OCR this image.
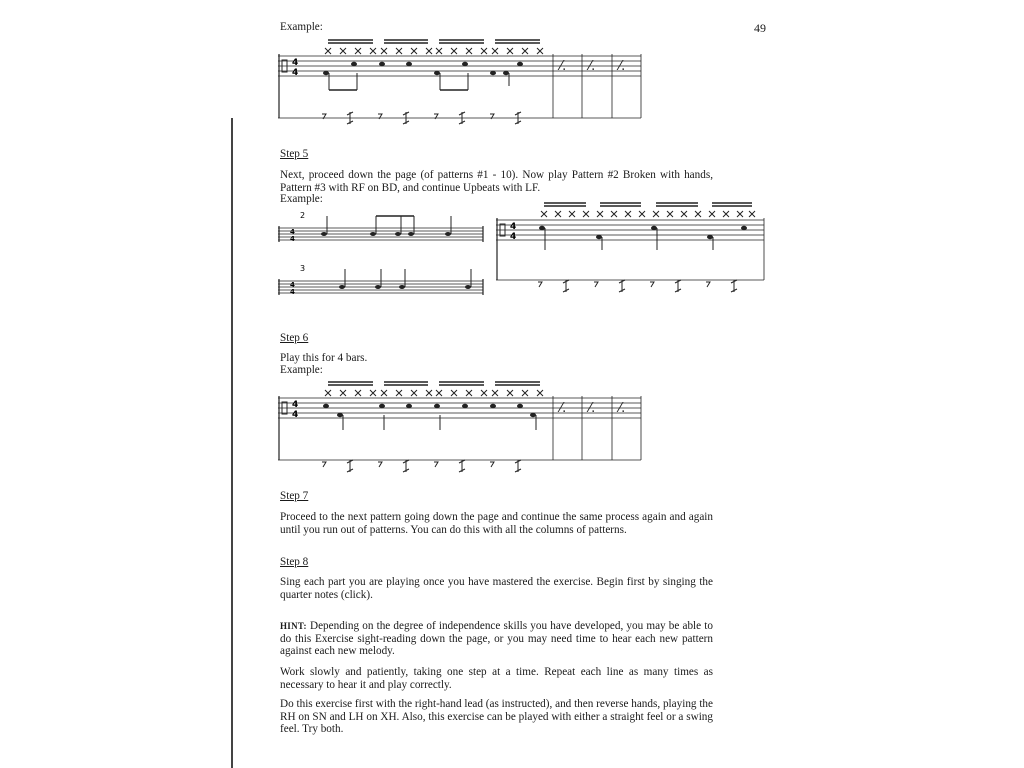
Example:	49
4
4	⁄. ⁄. ⁄.
Step 5
Next, proceed down the page (of patterns #1 - 10). Now play Pattern #2 Broken with hands, Pattern #3 with RF on BD, and continue Upbeats with LF.
Example:
2
4
4
3
4
4
4
4
Step 6
Play this for 4 bars.
Example:
4
4	⁄. ⁄. ⁄.
Step 7
Proceed to the next pattern going down the page and continue the same process again and again until you run out of patterns. You can do this with all the columns of patterns.
Step 8
Sing each part you are playing once you have mastered the exercise. Begin first by singing the quarter notes (click).
HINT: Depending on the degree of independence skills you have developed, you may be able to do this Exercise sight-reading down the page, or you may need time to hear each new pattern against each new melody.
Work slowly and patiently, taking one step at a time. Repeat each line as many times as necessary to hear it and play correctly.
Do this exercise first with the right-hand lead (as instructed), and then reverse hands, playing the RH on SN and LH on XH. Also, this exercise can be played with either a straight feel or a swing feel. Try both.
